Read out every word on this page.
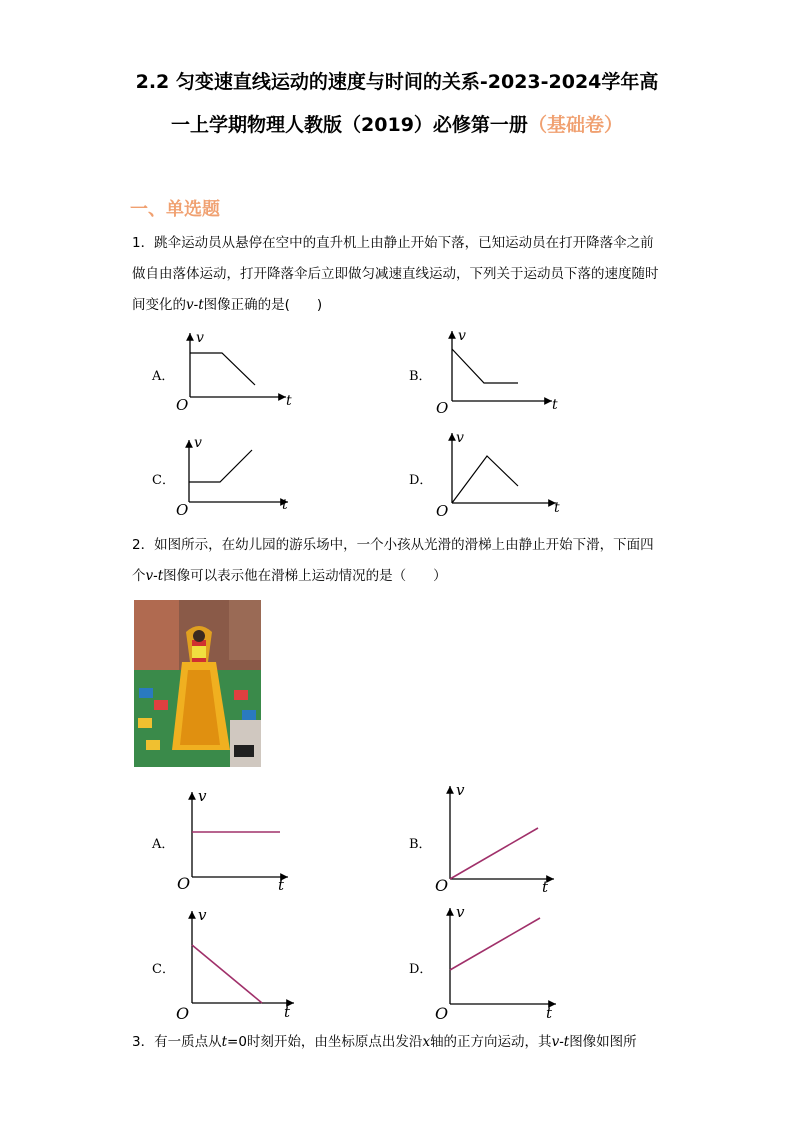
2.2 匀变速直线运动的速度与时间的关系-2023-2024学年高
一上学期物理人教版（2019）必修第一册（基础卷）
一、单选题
1．跳伞运动员从悬停在空中的直升机上由静止开始下落，已知运动员在打开降落伞之前做自由落体运动，打开降落伞后立即做匀减速直线运动，下列关于运动员下落的速度随时间变化的v-t图像正确的是(　　)
A．
v
t
O
B．
v
t
O
C．
v
t
O
D．
v
t
O
2．如图所示，在幼儿园的游乐场中，一个小孩从光滑的滑梯上由静止开始下滑，下面四个v-t图像可以表示他在滑梯上运动情况的是（　　）
A．
v
t
O
B．
v
t
O
C．
v
t
O
D．
v
t
O
3．有一质点从t=0时刻开始，由坐标原点出发沿x轴的正方向运动，其v-t图像如图所
